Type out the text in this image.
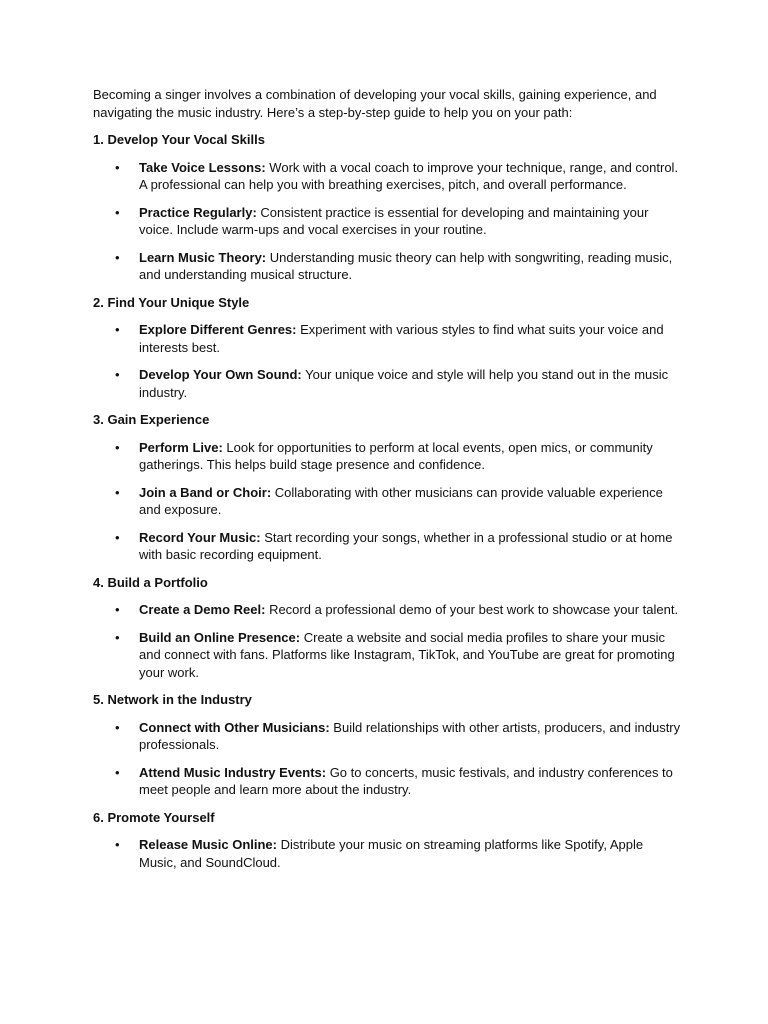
Becoming a singer involves a combination of developing your vocal skills, gaining experience, and navigating the music industry. Here’s a step-by-step guide to help you on your path:

1. Develop Your Vocal Skills

• Take Voice Lessons: Work with a vocal coach to improve your technique, range, and control. A professional can help you with breathing exercises, pitch, and overall performance.
• Practice Regularly: Consistent practice is essential for developing and maintaining your voice. Include warm-ups and vocal exercises in your routine.
• Learn Music Theory: Understanding music theory can help with songwriting, reading music, and understanding musical structure.

2. Find Your Unique Style

• Explore Different Genres: Experiment with various styles to find what suits your voice and interests best.
• Develop Your Own Sound: Your unique voice and style will help you stand out in the music industry.

3. Gain Experience

• Perform Live: Look for opportunities to perform at local events, open mics, or community gatherings. This helps build stage presence and confidence.
• Join a Band or Choir: Collaborating with other musicians can provide valuable experience and exposure.
• Record Your Music: Start recording your songs, whether in a professional studio or at home with basic recording equipment.

4. Build a Portfolio

• Create a Demo Reel: Record a professional demo of your best work to showcase your talent.
• Build an Online Presence: Create a website and social media profiles to share your music and connect with fans. Platforms like Instagram, TikTok, and YouTube are great for promoting your work.

5. Network in the Industry

• Connect with Other Musicians: Build relationships with other artists, producers, and industry professionals.
• Attend Music Industry Events: Go to concerts, music festivals, and industry conferences to meet people and learn more about the industry.

6. Promote Yourself

• Release Music Online: Distribute your music on streaming platforms like Spotify, Apple Music, and SoundCloud.
